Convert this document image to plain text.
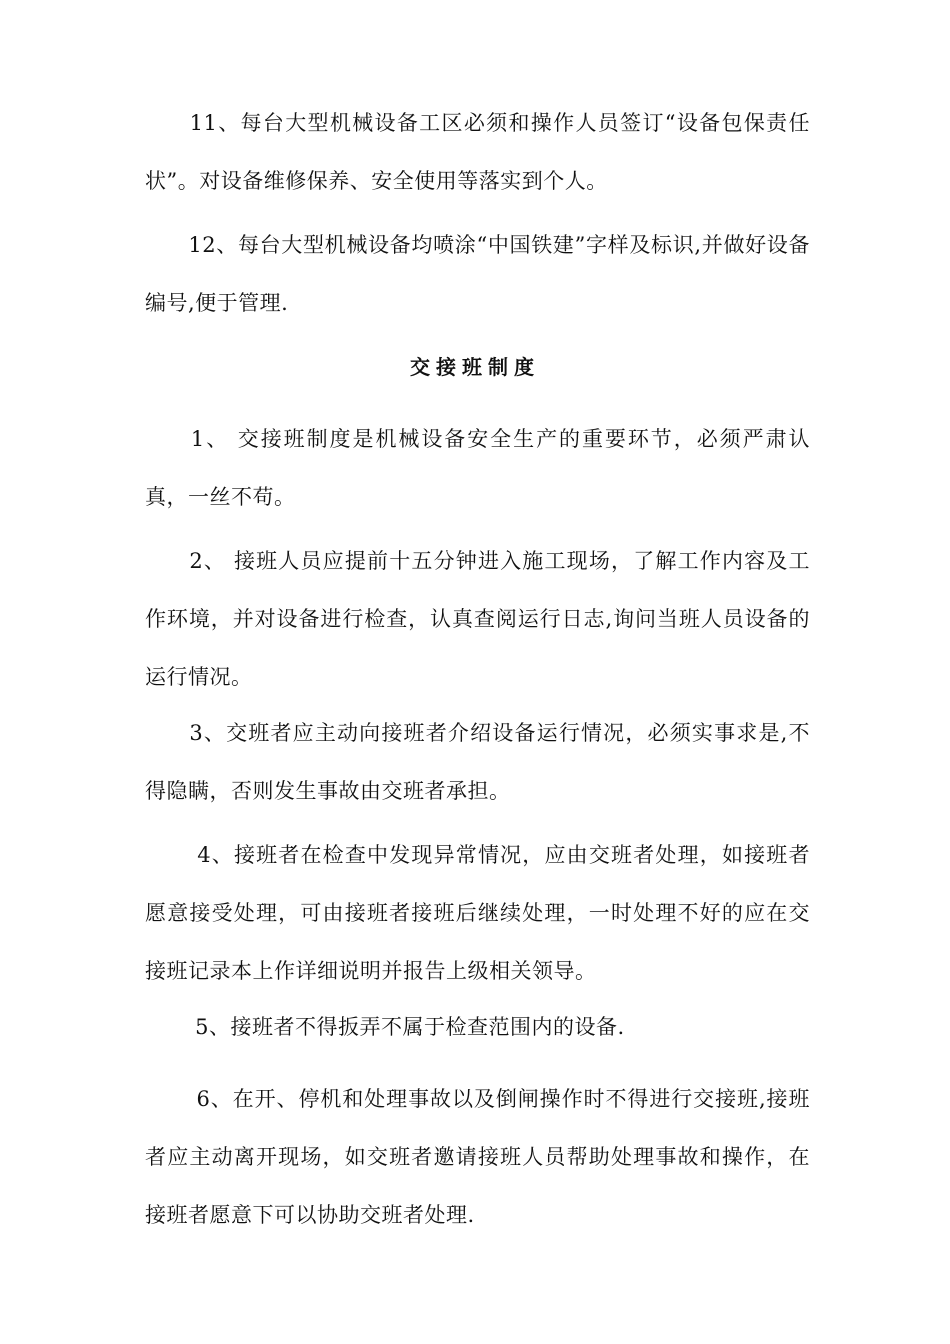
　　11、每台大型机械设备工区必须和操作人员签订“设备包保责任状”。对设备维修保养、安全使用等落实到个人。

　　12、每台大型机械设备均喷涂“中国铁建”字样及标识,并做好设备编号,便于管理.

交接班制度

　　1、 交接班制度是机械设备安全生产的重要环节，必须严肃认真，一丝不苟。

　　2、 接班人员应提前十五分钟进入施工现场，了解工作内容及工作环境，并对设备进行检查，认真查阅运行日志,询问当班人员设备的运行情况。

　　3、交班者应主动向接班者介绍设备运行情况，必须实事求是,不得隐瞒，否则发生事故由交班者承担。

　　 4、接班者在检查中发现异常情况，应由交班者处理，如接班者愿意接受处理，可由接班者接班后继续处理，一时处理不好的应在交接班记录本上作详细说明并报告上级相关领导。

　　 5、接班者不得扳弄不属于检查范围内的设备.

　　 6、在开、停机和处理事故以及倒闸操作时不得进行交接班,接班者应主动离开现场，如交班者邀请接班人员帮助处理事故和操作，在接班者愿意下可以协助交班者处理.
